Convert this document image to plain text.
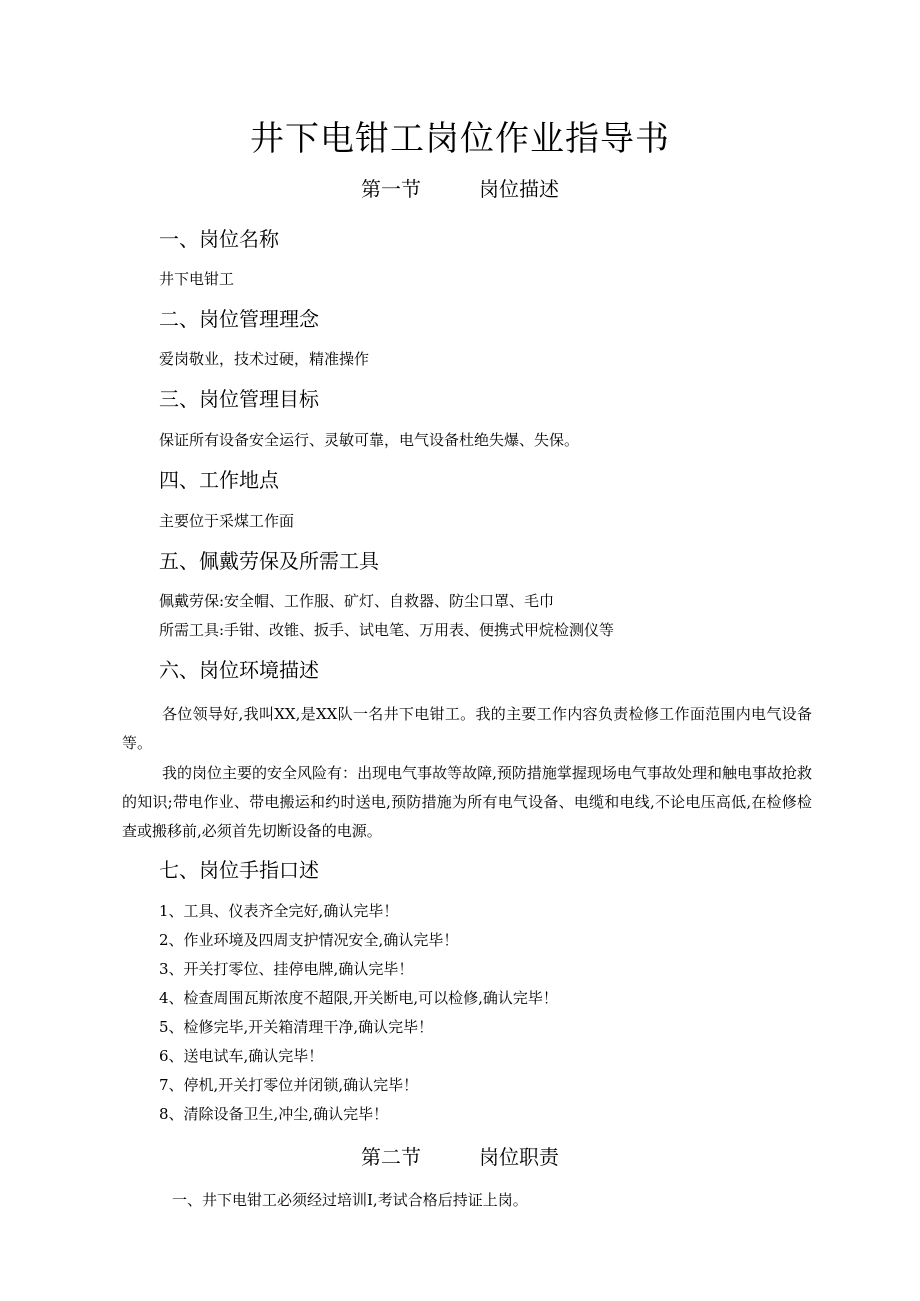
井下电钳工岗位作业指导书
第一节	岗位描述
一、岗位名称
井下电钳工
二、岗位管理理念
爱岗敬业，技术过硬，精准操作
三、岗位管理目标
保证所有设备安全运行、灵敏可靠，电气设备杜绝失爆、失保。
四、工作地点
主要位于采煤工作面
五、佩戴劳保及所需工具
佩戴劳保:安全帽、工作服、矿灯、自救器、防尘口罩、毛巾
所需工具:手钳、改锥、扳手、试电笔、万用表、便携式甲烷检测仪等
六、岗位环境描述
各位领导好,我叫XX,是XX队一名井下电钳工。我的主要工作内容负责检修工作面范围内电气设备等。
我的岗位主要的安全风险有：出现电气事故等故障,预防措施掌握现场电气事故处理和触电事故抢救的知识;带电作业、带电搬运和约时送电,预防措施为所有电气设备、电缆和电线,不论电压高低,在检修检查或搬移前,必须首先切断设备的电源。
七、岗位手指口述
1、工具、仪表齐全完好,确认完毕！
2、作业环境及四周支护情况安全,确认完毕！
3、开关打零位、挂停电牌,确认完毕！
4、检查周围瓦斯浓度不超限,开关断电,可以检修,确认完毕！
5、检修完毕,开关箱清理干净,确认完毕！
6、送电试车,确认完毕！
7、停机,开关打零位并闭锁,确认完毕！
8、清除设备卫生,冲尘,确认完毕！
第二节	岗位职责
一、井下电钳工必须经过培训I,考试合格后持证上岗。
